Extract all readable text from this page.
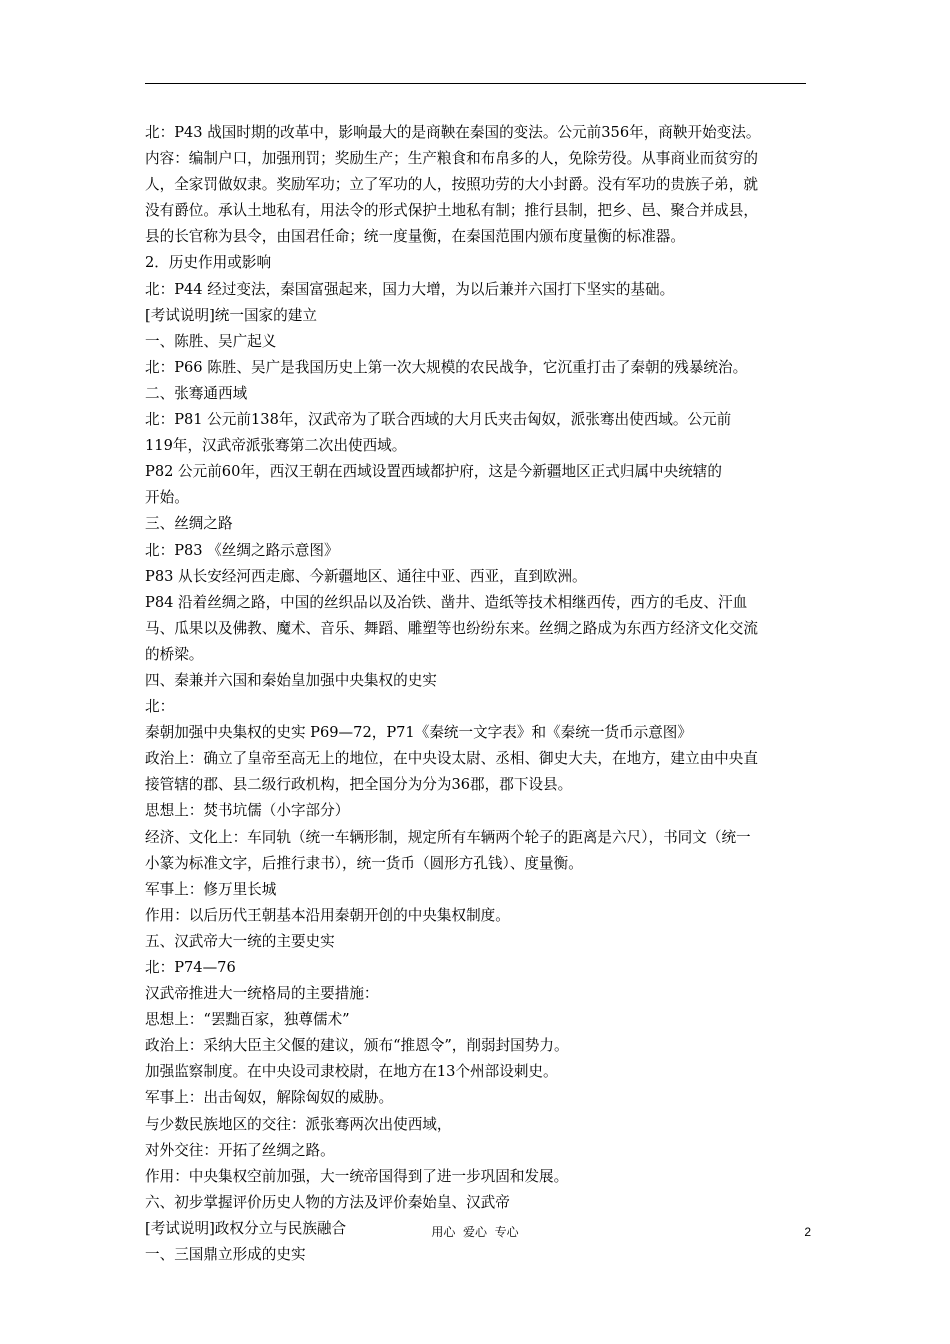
北：P43 战国时期的改革中，影响最大的是商鞅在秦国的变法。公元前356年，商鞅开始变法。
内容：编制户口，加强刑罚；奖励生产；生产粮食和布帛多的人，免除劳役。从事商业而贫穷的
人，全家罚做奴隶。奖励军功；立了军功的人，按照功劳的大小封爵。没有军功的贵族子弟，就
没有爵位。承认土地私有，用法令的形式保护土地私有制；推行县制，把乡、邑、聚合并成县，
县的长官称为县令，由国君任命；统一度量衡，在秦国范围内颁布度量衡的标准器。
2．历史作用或影响
北：P44 经过变法，秦国富强起来，国力大增，为以后兼并六国打下坚实的基础。
[考试说明]统一国家的建立
一、陈胜、吴广起义
北：P66 陈胜、吴广是我国历史上第一次大规模的农民战争，它沉重打击了秦朝的残暴统治。
二、张骞通西域
北：P81 公元前138年，汉武帝为了联合西域的大月氏夹击匈奴，派张骞出使西域。公元前
119年，汉武帝派张骞第二次出使西域。
P82 公元前60年，西汉王朝在西域设置西域都护府，这是今新疆地区正式归属中央统辖的
开始。
三、丝绸之路
北：P83 《丝绸之路示意图》
P83 从长安经河西走廊、今新疆地区、通往中亚、西亚，直到欧洲。
P84 沿着丝绸之路，中国的丝织品以及冶铁、凿井、造纸等技术相继西传，西方的毛皮、汗血
马、瓜果以及佛教、魔术、音乐、舞蹈、雕塑等也纷纷东来。丝绸之路成为东西方经济文化交流
的桥梁。
四、秦兼并六国和秦始皇加强中央集权的史实
北：
秦朝加强中央集权的史实 P69—72，P71《秦统一文字表》和《秦统一货币示意图》
政治上：确立了皇帝至高无上的地位，在中央设太尉、丞相、御史大夫，在地方，建立由中央直
接管辖的郡、县二级行政机构，把全国分为分为36郡，郡下设县。
思想上：焚书坑儒（小字部分）
经济、文化上：车同轨（统一车辆形制，规定所有车辆两个轮子的距离是六尺），书同文（统一
小篆为标准文字，后推行隶书），统一货币（圆形方孔钱）、度量衡。
军事上：修万里长城
作用：以后历代王朝基本沿用秦朝开创的中央集权制度。
五、汉武帝大一统的主要史实
北：P74—76
汉武帝推进大一统格局的主要措施：
思想上：“罢黜百家，独尊儒术”
政治上：采纳大臣主父偃的建议，颁布“推恩令”，削弱封国势力。
加强监察制度。在中央设司隶校尉，在地方在13个州部设刺史。
军事上：出击匈奴，解除匈奴的威胁。
与少数民族地区的交往：派张骞两次出使西域，
对外交往：开拓了丝绸之路。
作用：中央集权空前加强，大一统帝国得到了进一步巩固和发展。
六、初步掌握评价历史人物的方法及评价秦始皇、汉武帝
[考试说明]政权分立与民族融合
一、三国鼎立形成的史实
用心  爱心  专心	2
